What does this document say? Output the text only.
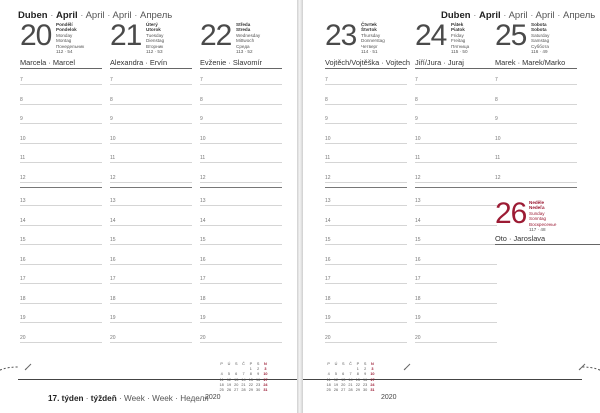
Duben · April · April · April · Апрель
20 Pondělí
Pondelok
Monday
Montag
Понедельник
112 · 54
Marcela · Marcel
7
8
9
10
11
12
13
14
15
16
17
18
19
20
21 Úterý
Utorok
Tuesday
Dienstag
Вторник
112 · 53
Alexandra · Ervín
7
8
9
10
11
12
13
14
15
16
17
18
19
20
22 Středa
Streda
Wednesday
Mittwoch
Среда
113 · 52
Evženie · Slavomír
7
8
9
10
11
12
13
14
15
16
17
18
19
20
17. týden · týždeň · Week · Week · Неделя
P Ú S Č P S N
1 2 3
4 5 6 7 8 9 10
11 12 13 14 15 16 17
18 19 20 21 22 23 24
25 26 27 28 29 30 31
2020
Duben · April · April · April · Апрель
23 Čtvrtek
Štvrtok
Thursday
Donnerstag
Четверг
114 · 51
Vojtěch/Vojtěška · Vojtech
7
8
9
10
11
12
13
14
15
16
17
18
19
20
24 Pátek
Piatok
Friday
Freitag
Пятница
115 · 50
Jiří/Jura · Juraj
7
8
9
10
11
12
13
14
15
16
17
18
19
20
25 Sobota
Sobota
Saturday
Samstag
Суббота
116 · 49
Marek · Marek/Marko
7
8
9
10
11
12
26 Neděle
Nedeľa
Sunday
Sonntag
Воскресенье
117 · 48
Oto · Jaroslava
P Ú S Č P S N
1 2 3
4 5 6 7 8 9 10
11 12 13 14 15 16 17
18 19 20 21 22 23 24
25 26 27 28 29 30 31
2020
